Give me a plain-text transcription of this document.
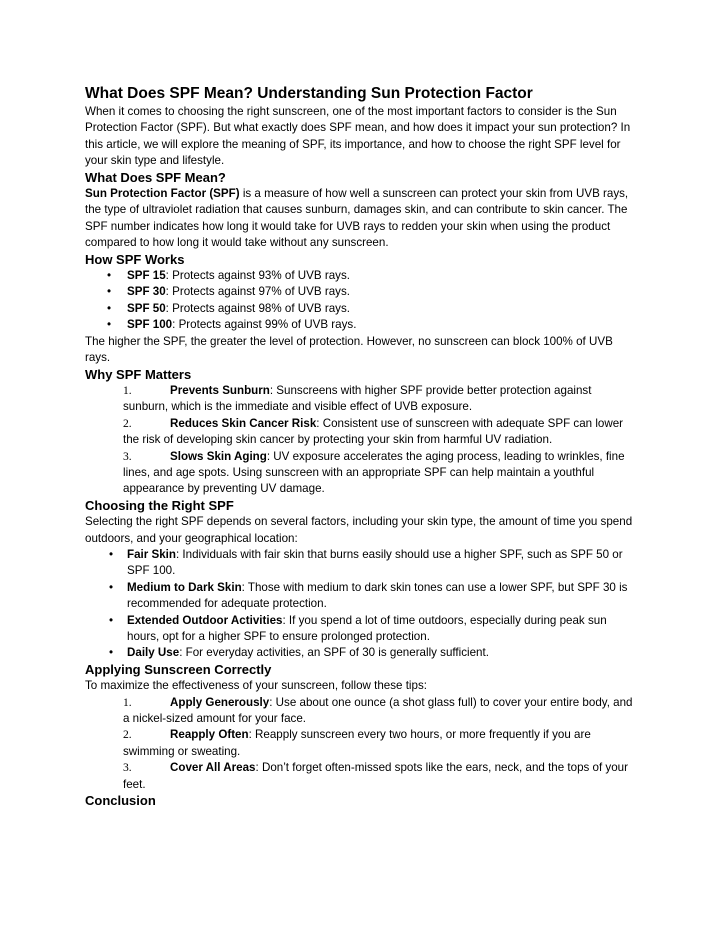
What Does SPF Mean? Understanding Sun Protection Factor

When it comes to choosing the right sunscreen, one of the most important factors to consider is the Sun Protection Factor (SPF). But what exactly does SPF mean, and how does it impact your sun protection? In this article, we will explore the meaning of SPF, its importance, and how to choose the right SPF level for your skin type and lifestyle.

What Does SPF Mean?

Sun Protection Factor (SPF) is a measure of how well a sunscreen can protect your skin from UVB rays, the type of ultraviolet radiation that causes sunburn, damages skin, and can contribute to skin cancer. The SPF number indicates how long it would take for UVB rays to redden your skin when using the product compared to how long it would take without any sunscreen.

How SPF Works
• SPF 15: Protects against 93% of UVB rays.
• SPF 30: Protects against 97% of UVB rays.
• SPF 50: Protects against 98% of UVB rays.
• SPF 100: Protects against 99% of UVB rays.

The higher the SPF, the greater the level of protection. However, no sunscreen can block 100% of UVB rays.

Why SPF Matters
1.	Prevents Sunburn: Sunscreens with higher SPF provide better protection against sunburn, which is the immediate and visible effect of UVB exposure.
2.	Reduces Skin Cancer Risk: Consistent use of sunscreen with adequate SPF can lower the risk of developing skin cancer by protecting your skin from harmful UV radiation.
3.	Slows Skin Aging: UV exposure accelerates the aging process, leading to wrinkles, fine lines, and age spots. Using sunscreen with an appropriate SPF can help maintain a youthful appearance by preventing UV damage.
Choosing the Right SPF

Selecting the right SPF depends on several factors, including your skin type, the amount of time you spend outdoors, and your geographical location:

• Fair Skin: Individuals with fair skin that burns easily should use a higher SPF, such as SPF 50 or SPF 100.
• Medium to Dark Skin: Those with medium to dark skin tones can use a lower SPF, but SPF 30 is recommended for adequate protection.
• Extended Outdoor Activities: If you spend a lot of time outdoors, especially during peak sun hours, opt for a higher SPF to ensure prolonged protection.
• Daily Use: For everyday activities, an SPF of 30 is generally sufficient.
Applying Sunscreen Correctly

To maximize the effectiveness of your sunscreen, follow these tips:

1.	Apply Generously: Use about one ounce (a shot glass full) to cover your entire body, and a nickel-sized amount for your face.
2.	Reapply Often: Reapply sunscreen every two hours, or more frequently if you are swimming or sweating.
3.	Cover All Areas: Don’t forget often-missed spots like the ears, neck, and the tops of your feet.
Conclusion
